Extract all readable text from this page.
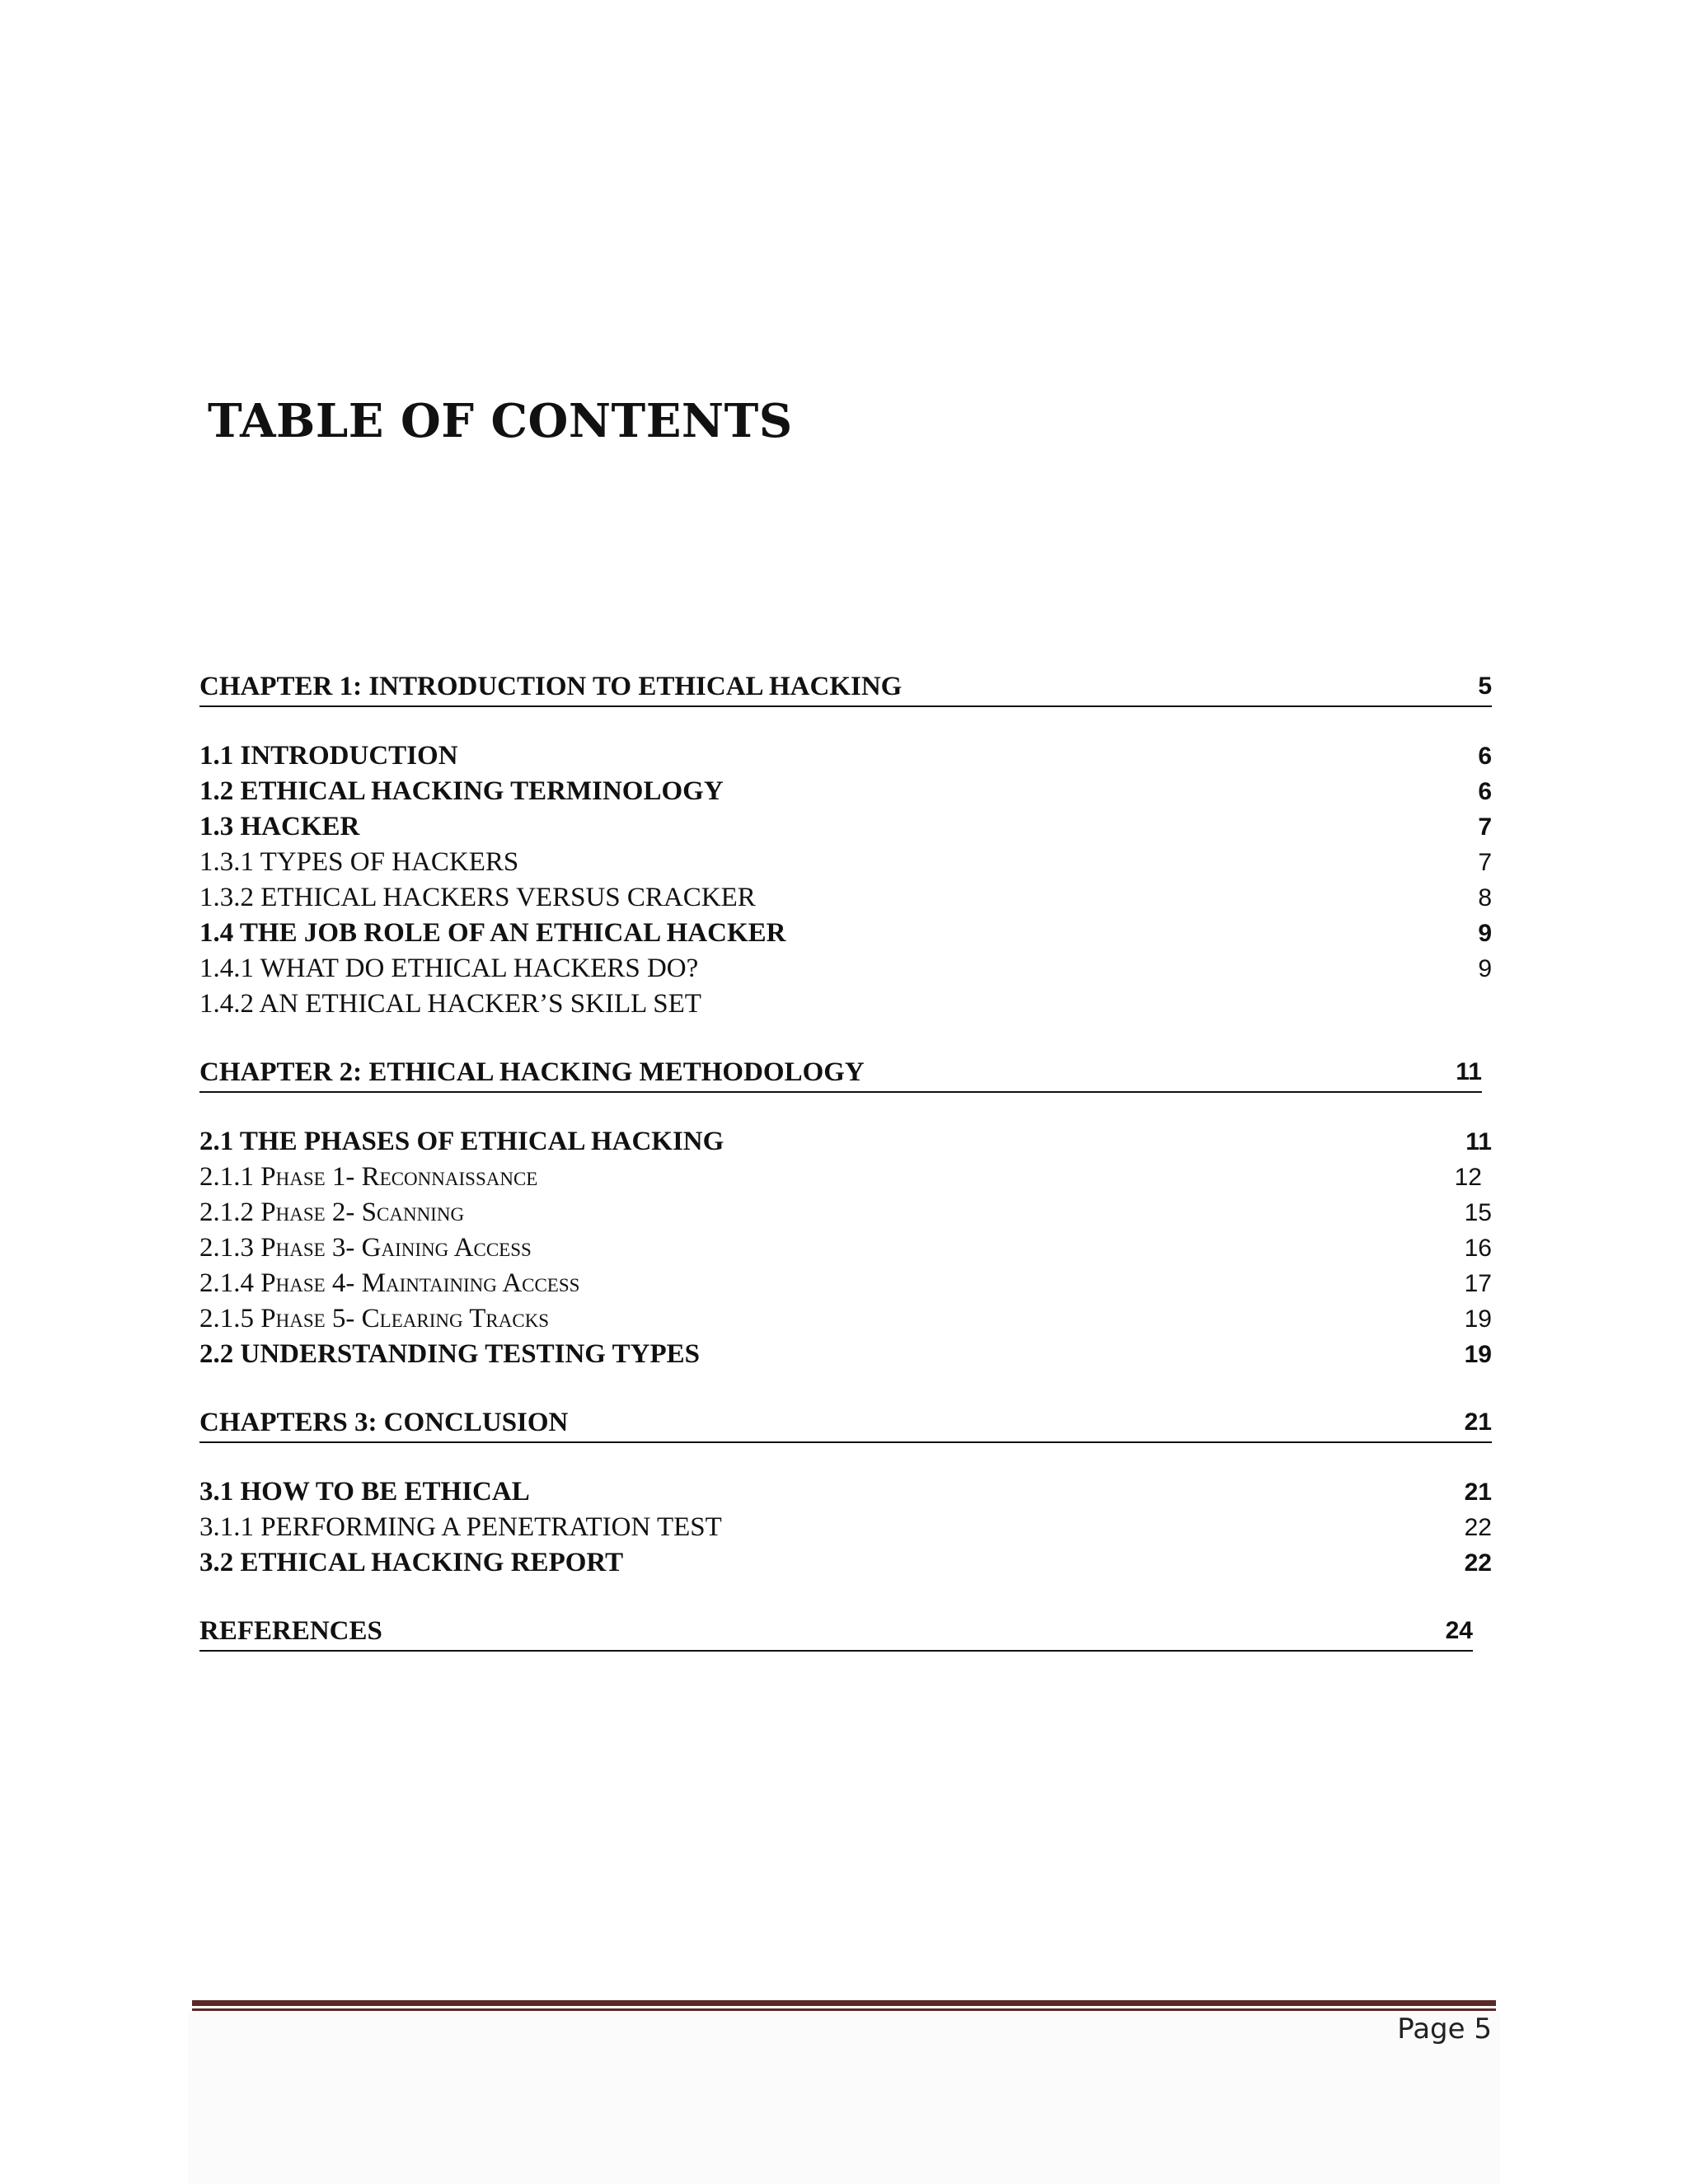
TABLE OF CONTENTS
CHAPTER 1: INTRODUCTION TO ETHICAL HACKING	5
1.1 INTRODUCTION	6
1.2 ETHICAL HACKING TERMINOLOGY	6
1.3 HACKER	7
1.3.1 TYPES OF HACKERS	7
1.3.2 ETHICAL HACKERS VERSUS CRACKER	8
1.4 THE JOB ROLE OF AN ETHICAL HACKER	9
1.4.1 WHAT DO ETHICAL HACKERS DO?	9
1.4.2 AN ETHICAL HACKER’S SKILL SET
CHAPTER 2: ETHICAL HACKING METHODOLOGY	11
2.1 THE PHASES OF ETHICAL HACKING	11
2.1.1 Phase 1- Reconnaissance	12
2.1.2 Phase 2- Scanning	15
2.1.3 Phase 3- Gaining Access	16
2.1.4 Phase 4- Maintaining Access	17
2.1.5 Phase 5- Clearing Tracks	19
2.2 UNDERSTANDING TESTING TYPES	19
CHAPTERS 3: CONCLUSION	21
3.1 HOW TO BE ETHICAL	21
3.1.1 PERFORMING A PENETRATION TEST	22
3.2 ETHICAL HACKING REPORT	22
REFERENCES	24
Page 5
